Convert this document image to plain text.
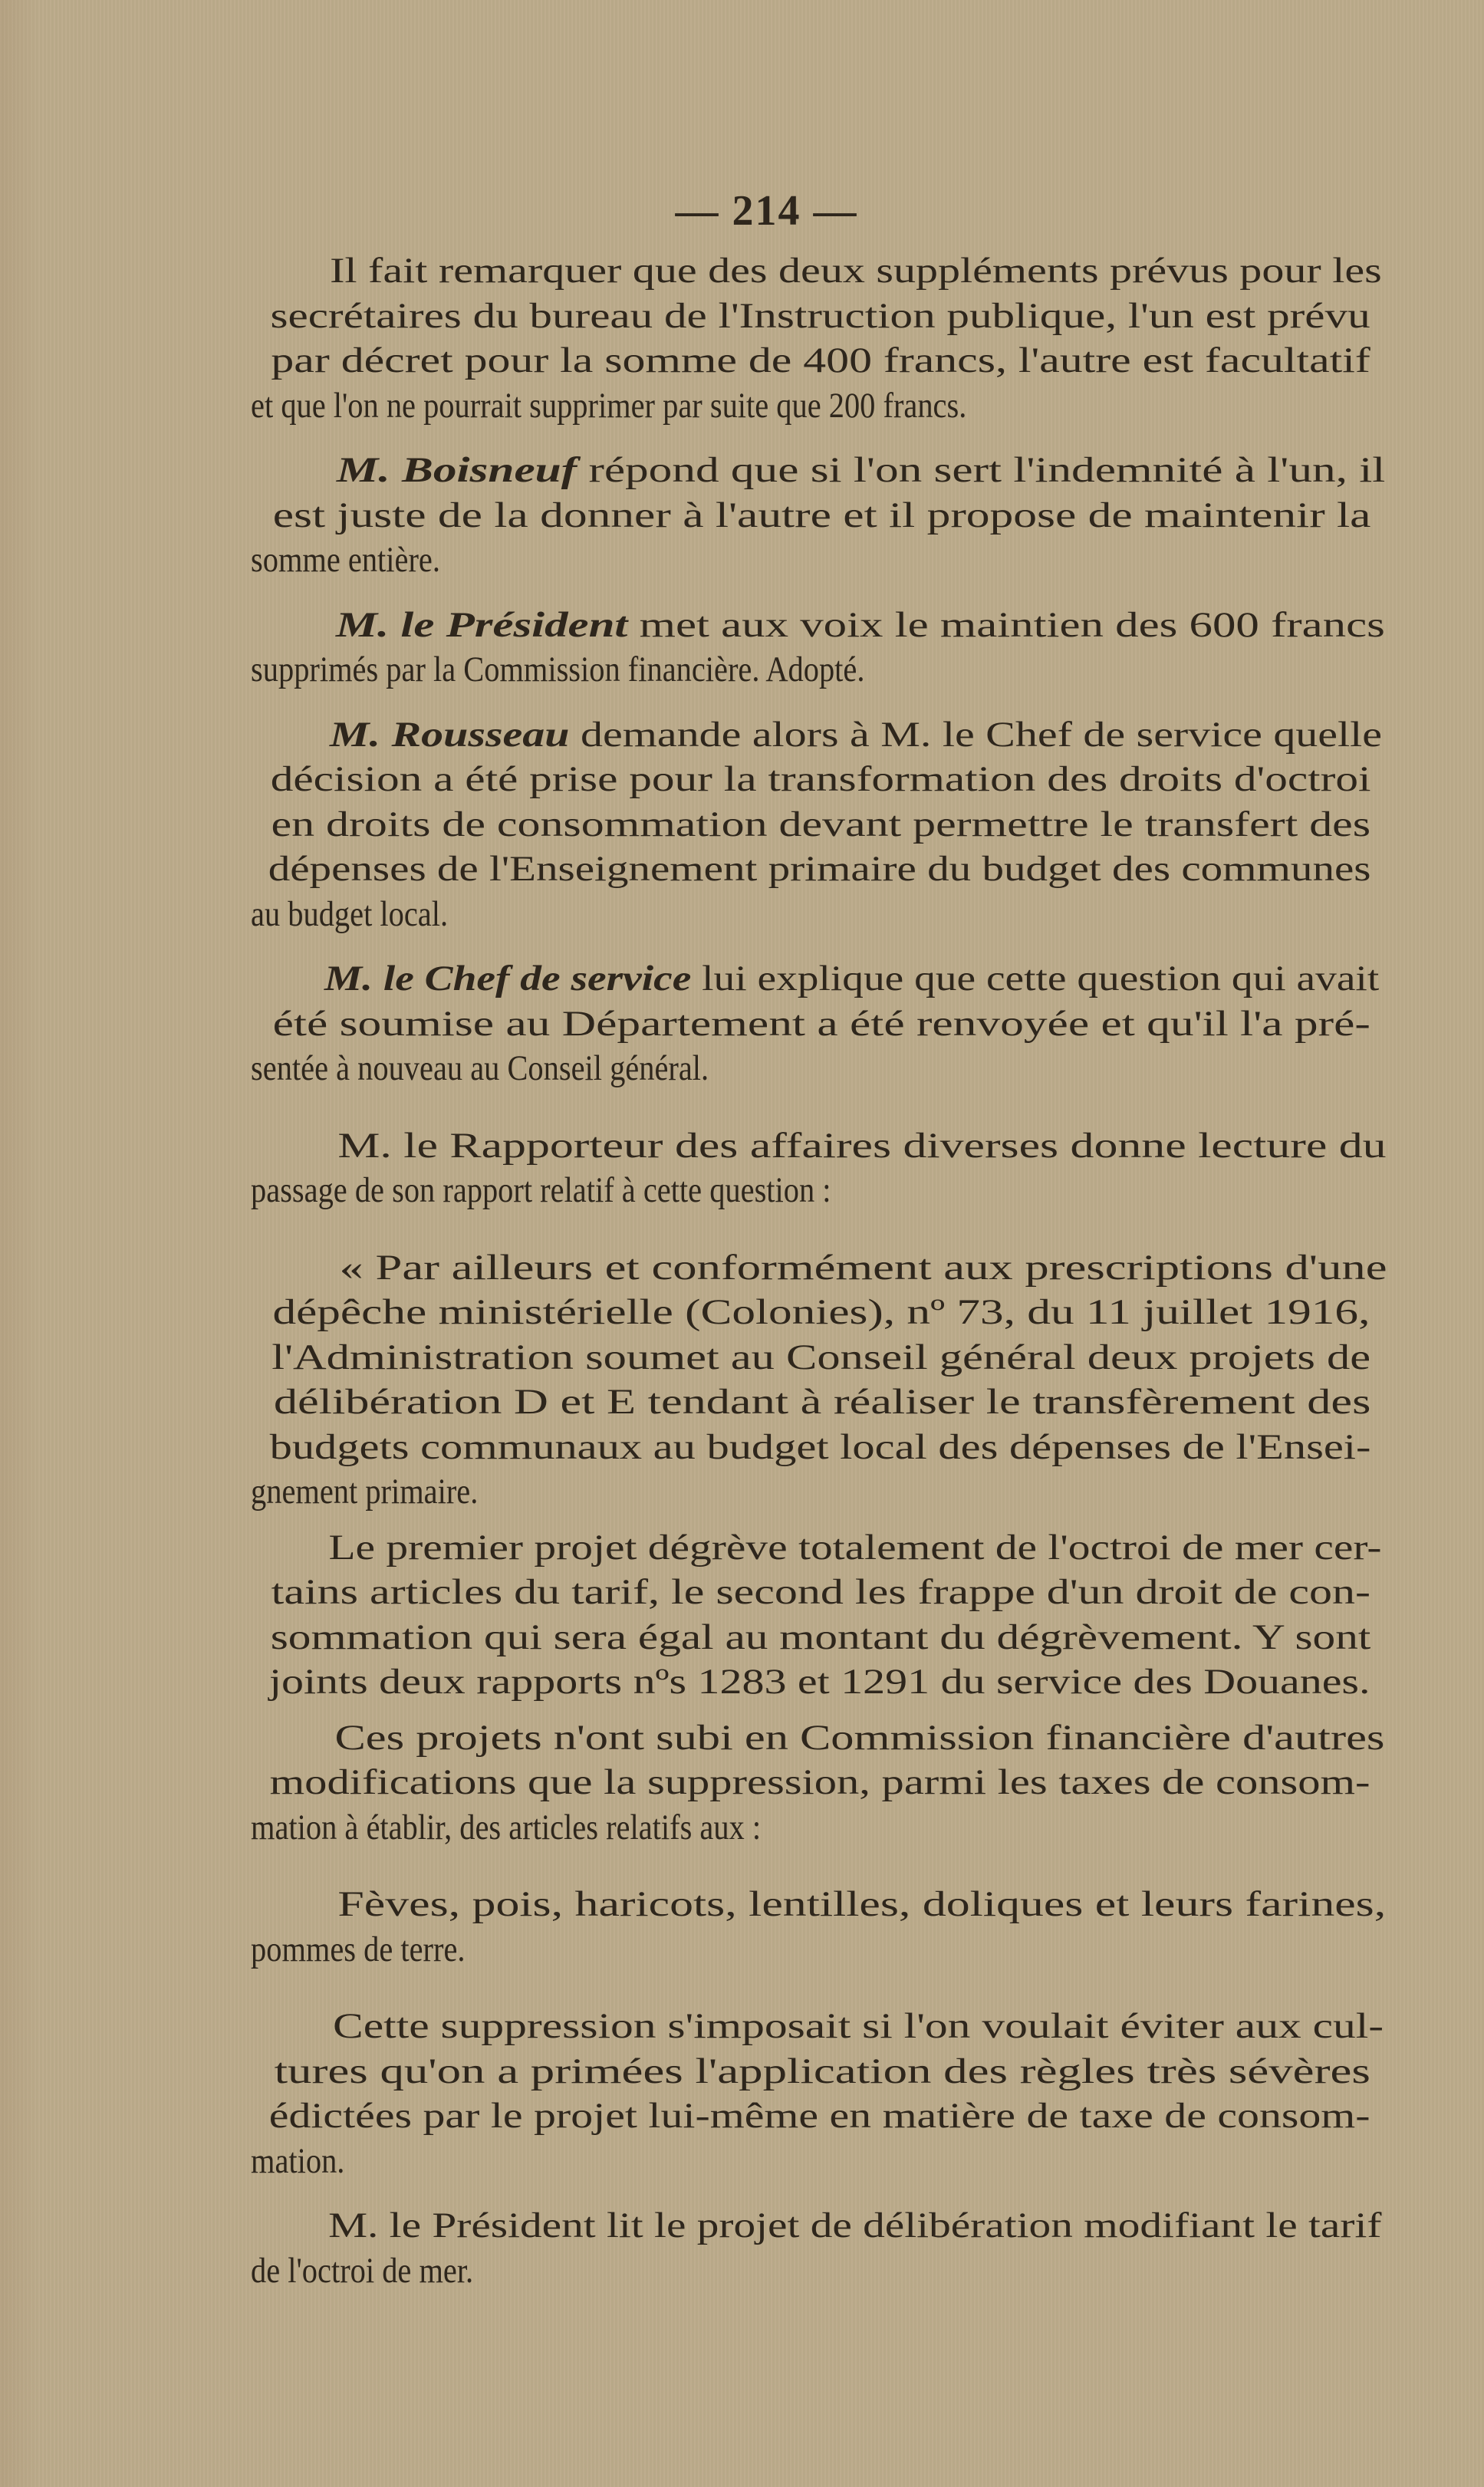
— 214 —
Il fait remarquer que des deux suppléments prévus pour les
secrétaires du bureau de l'Instruction publique, l'un est prévu
par décret pour la somme de 400 francs, l'autre est facultatif
et que l'on ne pourrait supprimer par suite que 200 francs.
M. Boisneuf répond que si l'on sert l'indemnité à l'un, il
est juste de la donner à l'autre et il propose de maintenir la
somme entière.
M. le Président met aux voix le maintien des 600 francs
supprimés par la Commission financière. Adopté.
M. Rousseau demande alors à M. le Chef de service quelle
décision a été prise pour la transformation des droits d'octroi
en droits de consommation devant permettre le transfert des
dépenses de l'Enseignement primaire du budget des communes
au budget local.
M. le Chef de service lui explique que cette question qui avait
été soumise au Département a été renvoyée et qu'il l'a pré-
sentée à nouveau au Conseil général.
M. le Rapporteur des affaires diverses donne lecture du
passage de son rapport relatif à cette question :
« Par ailleurs et conformément aux prescriptions d'une
dépêche ministérielle (Colonies), nº 73, du 11 juillet 1916,
l'Administration soumet au Conseil général deux projets de
délibération D et E tendant à réaliser le transfèrement des
budgets communaux au budget local des dépenses de l'Ensei-
gnement primaire.
Le premier projet dégrève totalement de l'octroi de mer cer-
tains articles du tarif, le second les frappe d'un droit de con-
sommation qui sera égal au montant du dégrèvement. Y sont
joints deux rapports nºs 1283 et 1291 du service des Douanes.
Ces projets n'ont subi en Commission financière d'autres
modifications que la suppression, parmi les taxes de consom-
mation à établir, des articles relatifs aux :
Fèves, pois, haricots, lentilles, doliques et leurs farines,
pommes de terre.
Cette suppression s'imposait si l'on voulait éviter aux cul-
tures qu'on a primées l'application des règles très sévères
édictées par le projet lui-même en matière de taxe de consom-
mation.
M. le Président lit le projet de délibération modifiant le tarif
de l'octroi de mer.
